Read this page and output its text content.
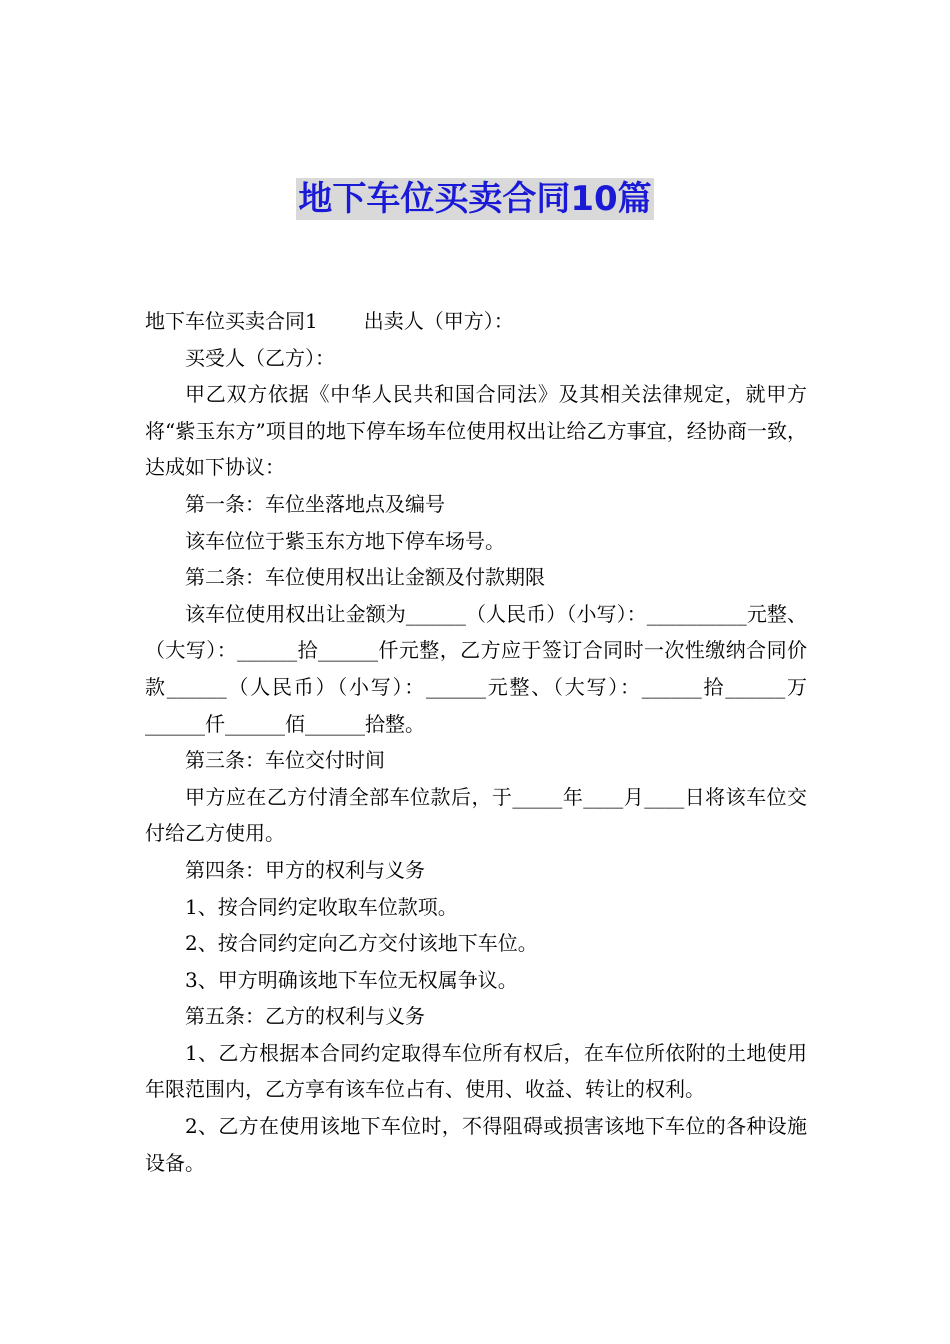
地下车位买卖合同10篇

地下车位买卖合同1 出卖人（甲方）：

买受人（乙方）：

甲乙双方依据《中华人民共和国合同法》及其相关法律规定，就甲方将“紫玉东方”项目的地下停车场车位使用权出让给乙方事宜，经协商一致，达成如下协议：

第一条：车位坐落地点及编号

该车位位于紫玉东方地下停车场号。

第二条：车位使用权出让金额及付款期限

该车位使用权出让金额为______（人民币）（小写）：__________元整、（大写）：______拾______仟元整，乙方应于签订合同时一次性缴纳合同价款______（人民币）（小写）：______元整、（大写）：______拾______万______仟______佰______拾整。

第三条：车位交付时间

甲方应在乙方付清全部车位款后，于_____年____月____日将该车位交付给乙方使用。

第四条：甲方的权利与义务

1、按合同约定收取车位款项。

2、按合同约定向乙方交付该地下车位。

3、甲方明确该地下车位无权属争议。

第五条：乙方的权利与义务

1、乙方根据本合同约定取得车位所有权后，在车位所依附的土地使用年限范围内，乙方享有该车位占有、使用、收益、转让的权利。

2、乙方在使用该地下车位时，不得阻碍或损害该地下车位的各种设施设备。
